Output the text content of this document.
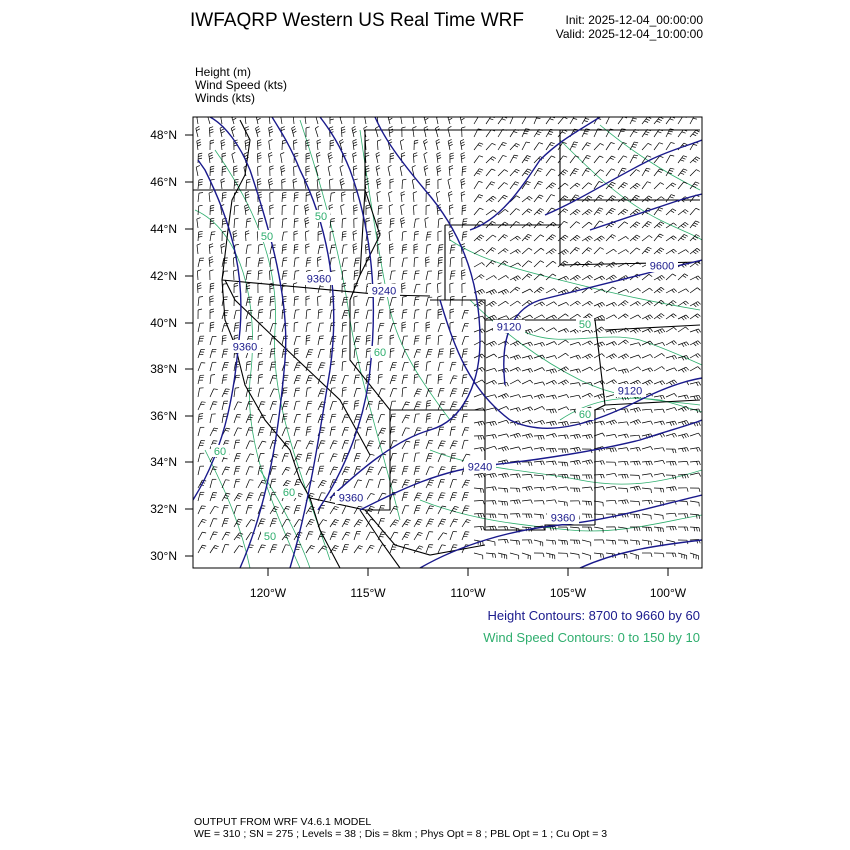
IWFAQRP Western US Real Time WRF	Init: 2025-12-04_00:00:00
Valid: 2025-12-04_10:00:00
Height (m)
Wind Speed (kts)
Winds (kts)
9360
9240
9120
9360
9360
9120
9240
9360
9600
50
60
50
60
50
60
50
60
48°N
46°N
44°N
42°N
40°N
38°N
36°N
34°N
32°N
30°N
120°W	115°W	110°W	105°W	100°W
Height Contours: 8700 to 9660 by 60
Wind Speed Contours: 0 to 150 by 10
OUTPUT FROM WRF V4.6.1 MODEL
WE = 310 ; SN = 275 ; Levels = 38 ; Dis = 8km ; Phys Opt = 8 ; PBL Opt = 1 ; Cu Opt = 3
